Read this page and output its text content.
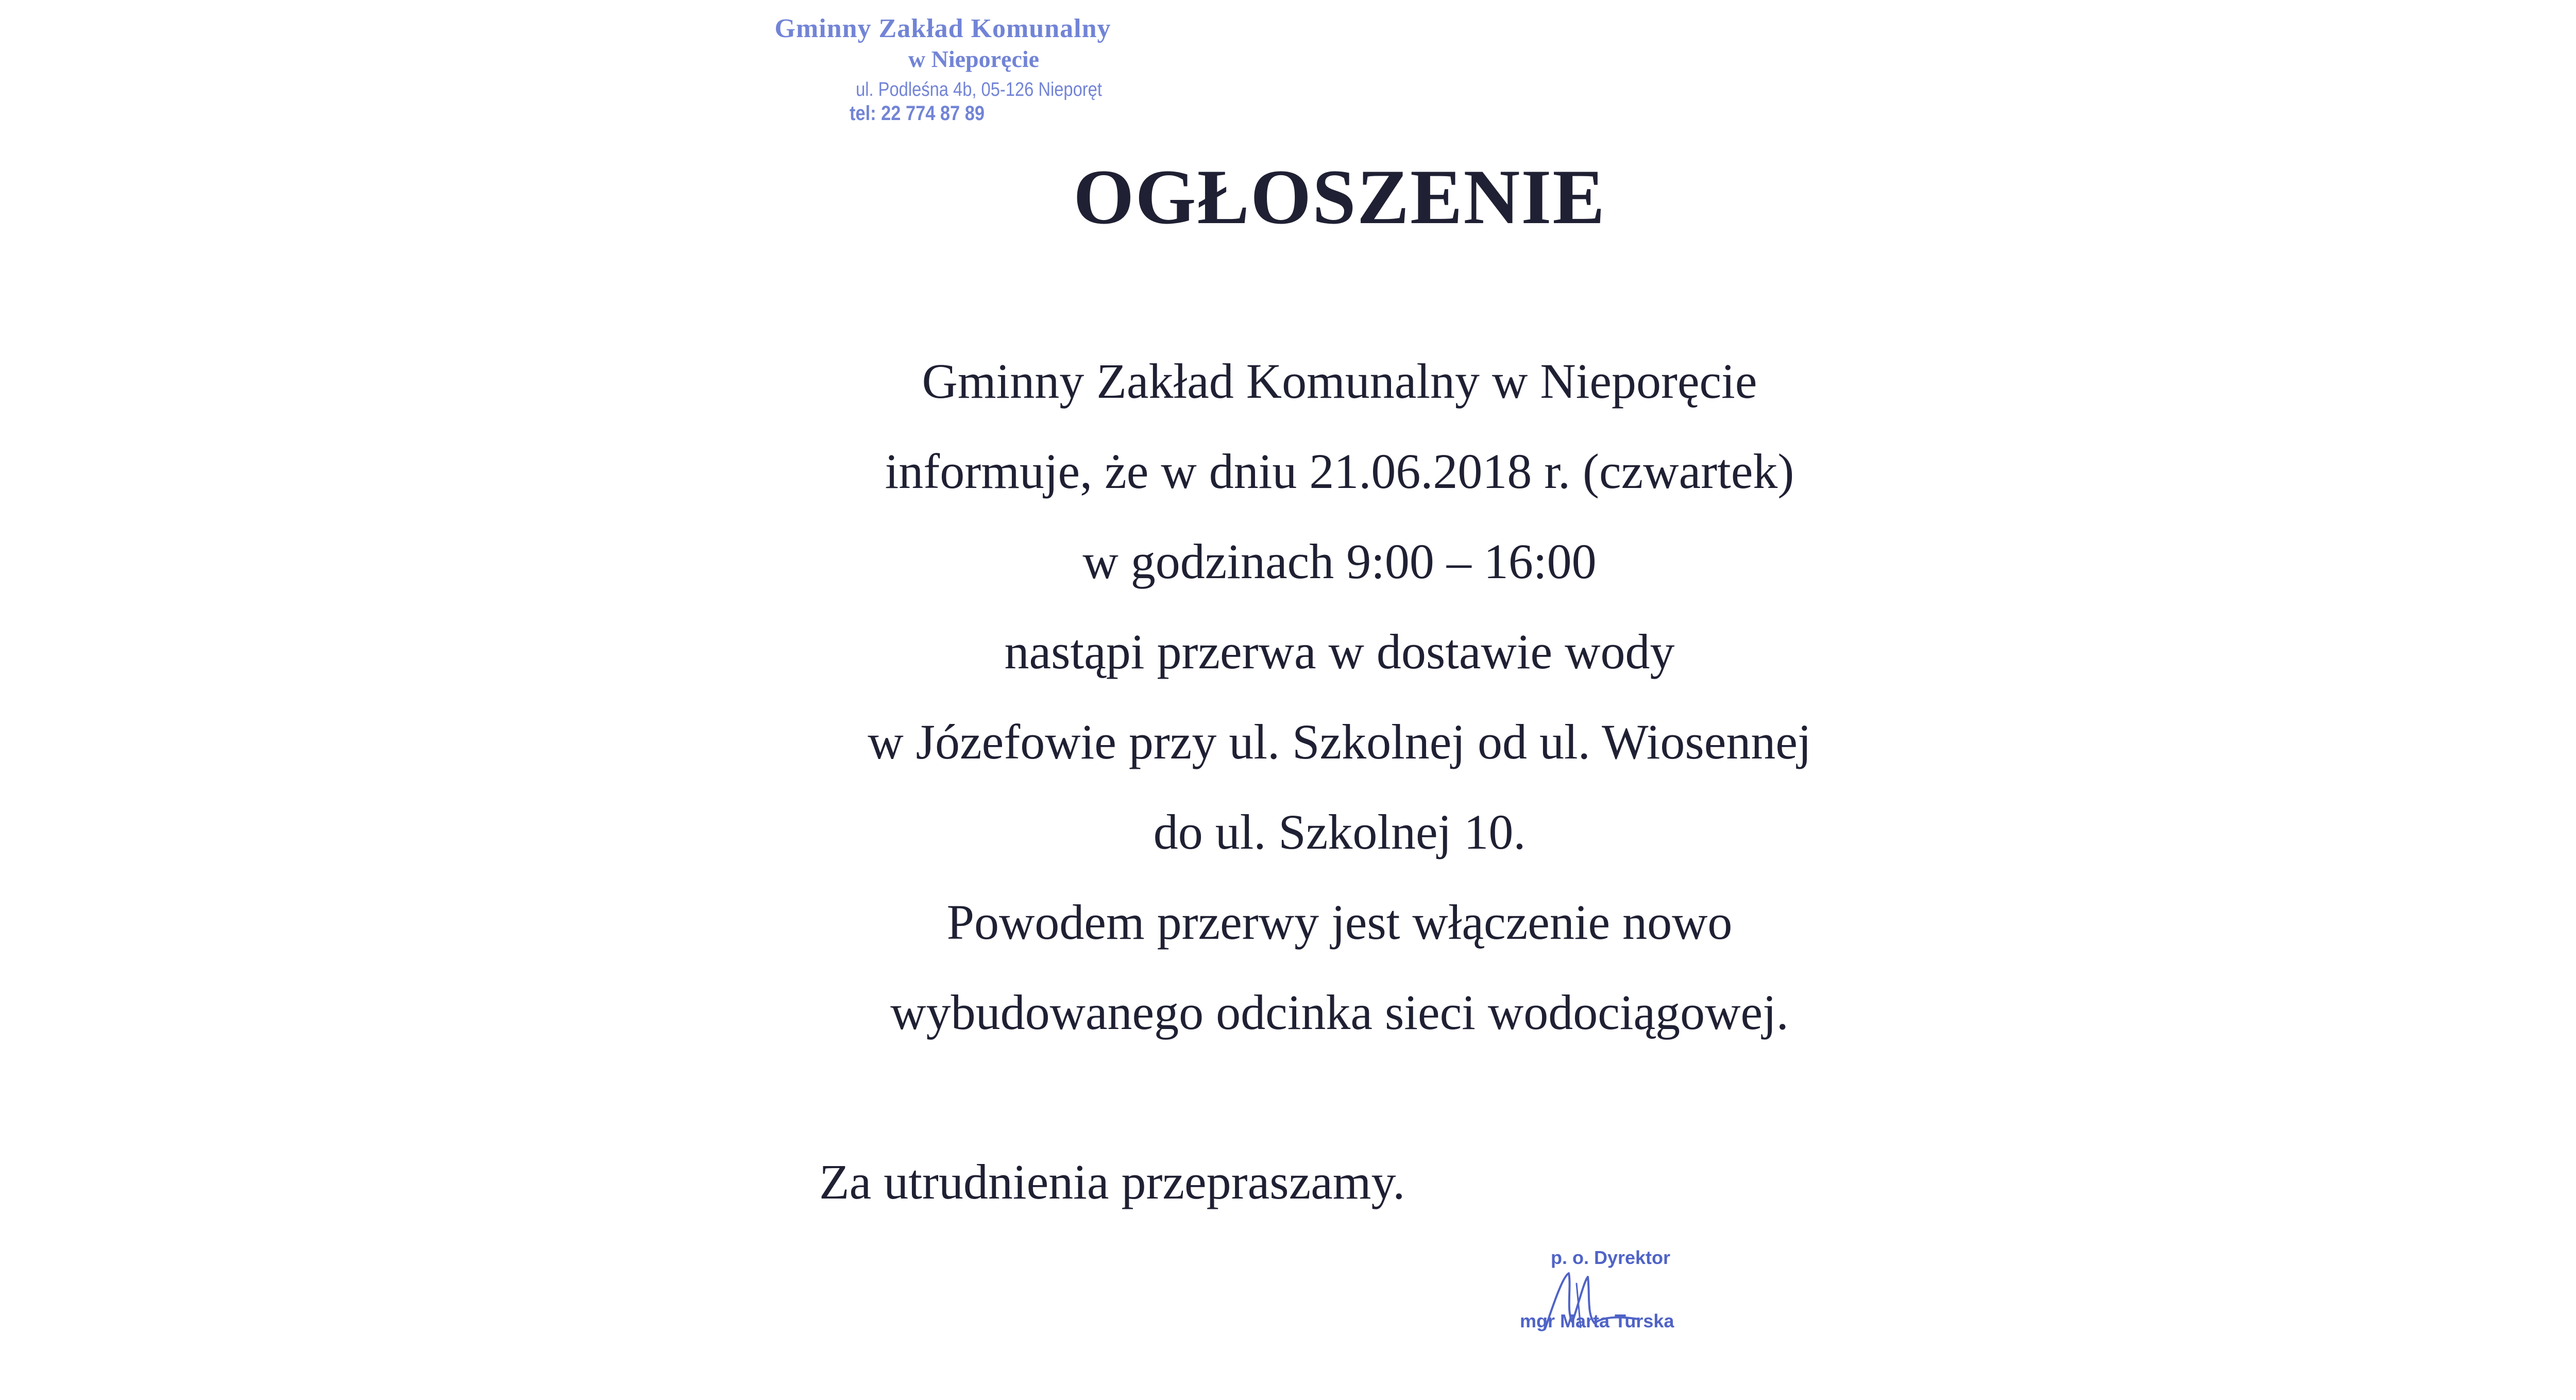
Gminny Zakład Komunalny
w Nieporęcie
ul. Podleśna 4b, 05-126 Nieporęt
tel: 22 774 87 89
OGŁOSZENIE
Gminny Zakład Komunalny w Nieporęcie
informuje, że w dniu 21.06.2018 r. (czwartek)
w godzinach 9:00 – 16:00
nastąpi przerwa w dostawie wody
w Józefowie przy ul. Szkolnej od ul. Wiosennej
do ul. Szkolnej 10.
Powodem przerwy jest włączenie nowo
wybudowanego odcinka sieci wodociągowej.
Za utrudnienia przepraszamy.
p. o. Dyrektor
mgr Marta Turska
